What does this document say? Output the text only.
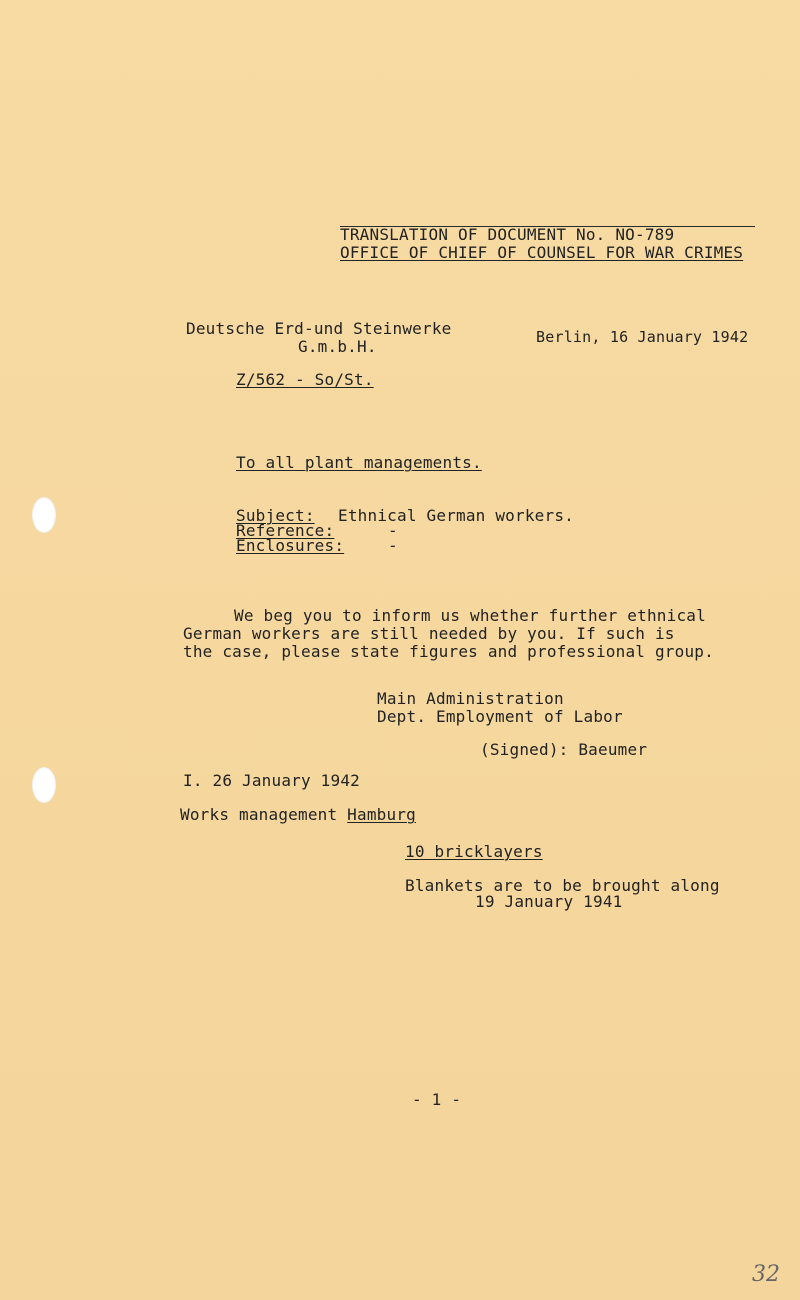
TRANSLATION OF DOCUMENT No. NO-789
OFFICE OF CHIEF OF COUNSEL FOR WAR CRIMES
Deutsche Erd-und Steinwerke
G.m.b.H.	Berlin, 16 January 1942
Z/562 - So/St.
To all plant managements.
Subject: Ethnical German workers.
Reference:	-
Enclosures:	-
We beg you to inform us whether further ethnical
German workers are still needed by you. If such is
the case, please state figures and professional group.
Main Administration
Dept. Employment of Labor
(Signed): Baeumer
I. 26 January 1942
Works management Hamburg
10 bricklayers
Blankets are to be brought along
19 January 1941
- 1 -
32
